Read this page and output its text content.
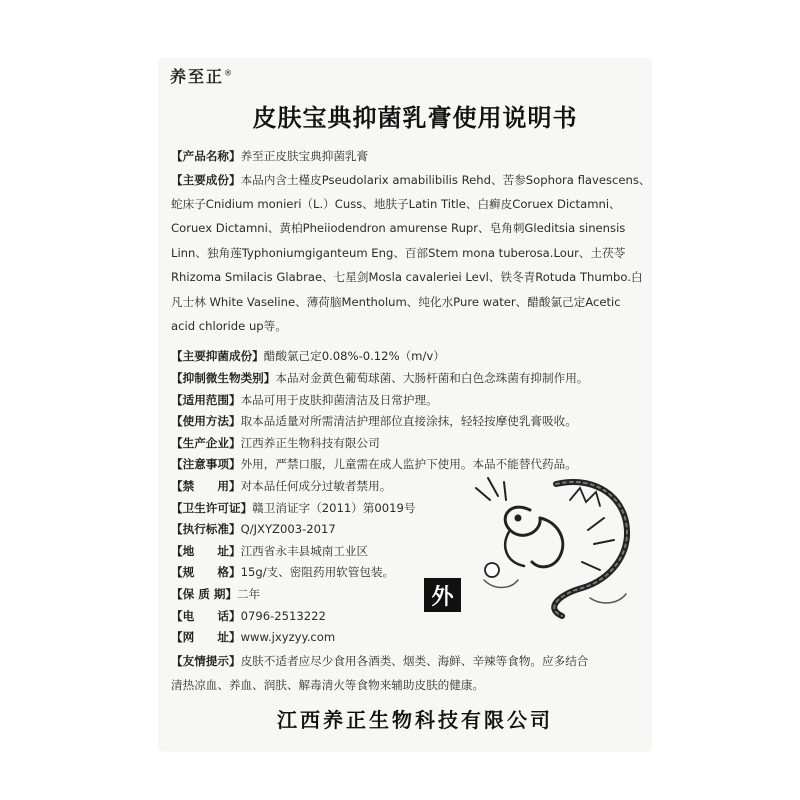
养至正®
皮肤宝典抑菌乳膏使用说明书
【产品名称】养至正皮肤宝典抑菌乳膏
【主要成份】本品内含土槿皮Pseudolarix amabilibilis Rehd、苦参Sophora flavescens、
蛇床子Cnidium monieri（L.）Cuss、地肤子Latin Title、白癣皮Coruex Dictamni、
Coruex Dictamni、黄柏Pheiiodendron amurense Rupr、皂角刺Gleditsia sinensis
Linn、独角莲Typhoniumgiganteum Eng、百部Stem mona tuberosa.Lour、土茯苓
Rhizoma Smilacis Glabrae、七星剑Mosla cavaleriei Levl、铁冬青Rotuda Thumbo.白
凡士林 White Vaseline、薄荷脑Mentholum、纯化水Pure water、醋酸氯己定Acetic
acid chloride up等。
【主要抑菌成份】醋酸氯己定0.08%-0.12%（m/v）
【抑制微生物类别】本品对金黄色葡萄球菌、大肠杆菌和白色念珠菌有抑制作用。
【适用范围】本品可用于皮肤抑菌清洁及日常护理。
【使用方法】取本品适量对所需清洁护理部位直接涂抹，轻轻按摩使乳膏吸收。
【生产企业】江西养正生物科技有限公司
【注意事项】外用，严禁口服，儿童需在成人监护下使用。本品不能替代药品。
【禁　　用】对本品任何成分过敏者禁用。
【卫生许可证】赣卫消证字（2011）第0019号
【执行标准】Q/JXYZ003-2017
【地　　址】江西省永丰县城南工业区
【规　　格】15g/支、密阻药用软管包装。
【保 质 期】二年
【电　　话】0796-2513222
【网　　址】www.jxyzyy.com
【友情提示】皮肤不适者应尽少食用各酒类、烟类、海鲜、辛辣等食物。应多结合
清热凉血、养血、润肤、解毒清火等食物来辅助皮肤的健康。
外
江西养正生物科技有限公司
